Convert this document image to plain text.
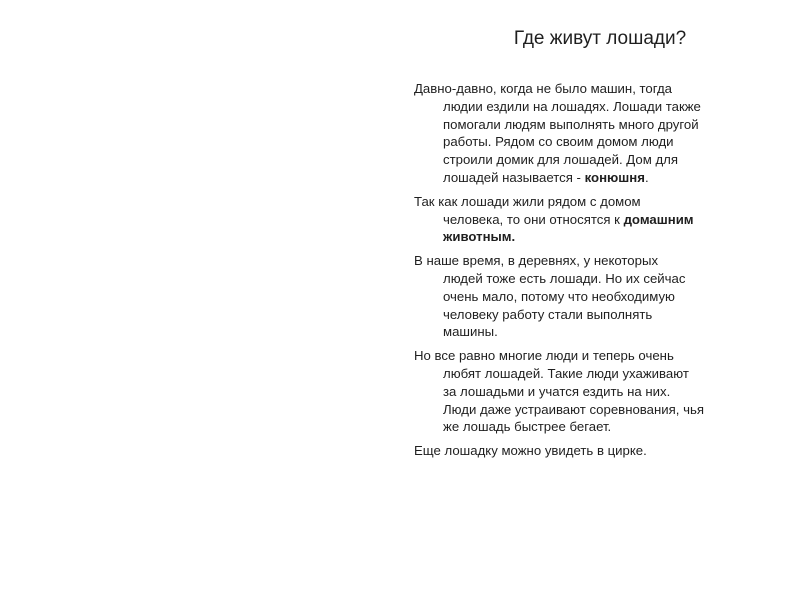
Где живут лошади?
Давно-давно, когда не было машин, тогда
людии ездили на лошадях. Лошади также
помогали людям выполнять много другой
работы. Рядом со своим домом люди
строили домик для лошадей. Дом для
лошадей называется - конюшня.
Так как лошади жили рядом с домом
человека, то они относятся к домашним
животным.
В наше время, в деревнях, у некоторых
людей тоже есть лошади. Но их сейчас
очень мало, потому что необходимую
человеку работу стали выполнять
машины.
Но все равно многие люди и теперь очень
любят лошадей. Такие люди ухаживают
за лошадьми и учатся ездить на них.
Люди даже устраивают соревнования, чья
же лошадь быстрее бегает.
Еще лошадку можно увидеть в цирке.
